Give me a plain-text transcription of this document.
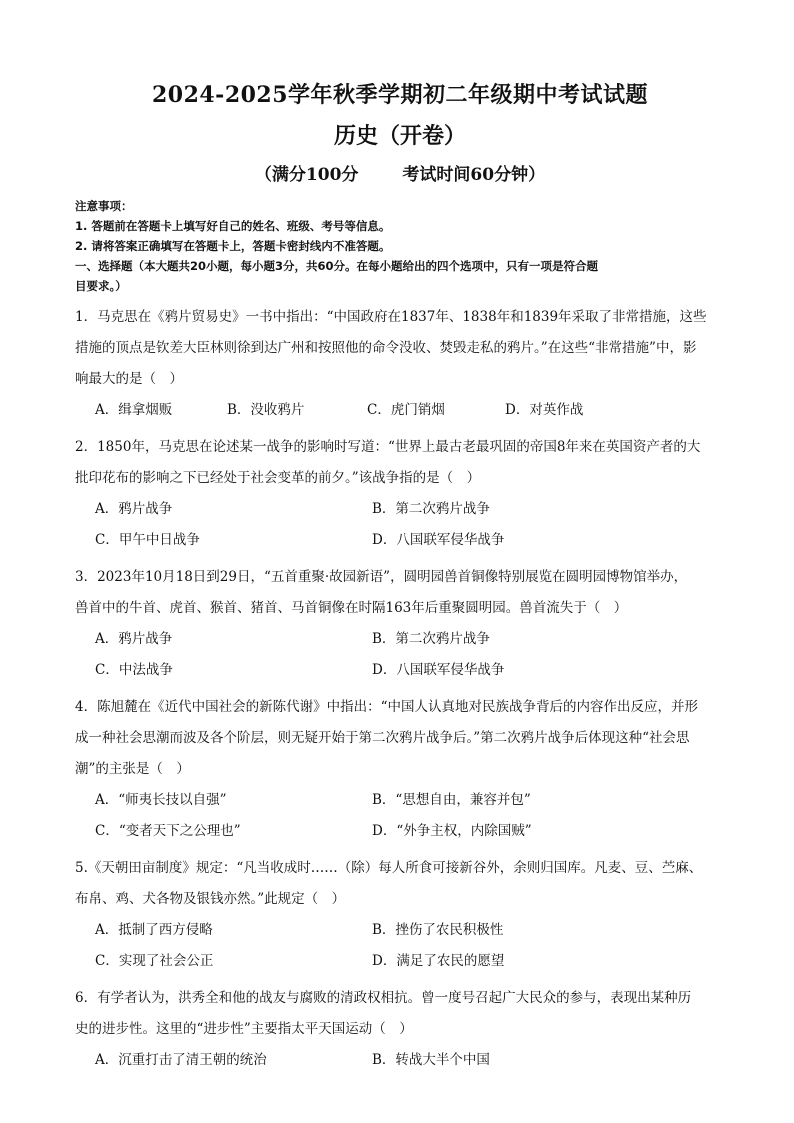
2024-2025学年秋季学期初二年级期中考试试题
历史（开卷）
（满分100分	考试时间60分钟）
注意事项：
1. 答题前在答题卡上填写好自己的姓名、班级、考号等信息。
2. 请将答案正确填写在答题卡上，答题卡密封线内不准答题。
一、选择题（本大题共20小题，每小题3分，共60分。在每小题给出的四个选项中，只有一项是符合题
目要求。）
1．马克思在《鸦片贸易史》一书中指出：“中国政府在1837年、1838年和1839年采取了非常措施，这些
措施的顶点是钦差大臣林则徐到达广州和按照他的命令没收、焚毁走私的鸦片。”在这些“非常措施”中，影
响最大的是（　）
A．缉拿烟贩	B．没收鸦片	C．虎门销烟	D．对英作战
2．1850年，马克思在论述某一战争的影响时写道：“世界上最古老最巩固的帝国8年来在英国资产者的大
批印花布的影响之下已经处于社会变革的前夕。”该战争指的是（　）
A．鸦片战争	B．第二次鸦片战争
C．甲午中日战争	D．八国联军侵华战争
3．2023年10月18日到29日，“五首重聚·故园新语”，圆明园兽首铜像特别展览在圆明园博物馆举办，
兽首中的牛首、虎首、猴首、猪首、马首铜像在时隔163年后重聚圆明园。兽首流失于（　）
A．鸦片战争	B．第二次鸦片战争
C．中法战争	D．八国联军侵华战争
4．陈旭麓在《近代中国社会的新陈代谢》中指出：“中国人认真地对民族战争背后的内容作出反应，并形
成一种社会思潮而波及各个阶层，则无疑开始于第二次鸦片战争后。”第二次鸦片战争后体现这种“社会思
潮”的主张是（　）
A．“师夷长技以自强”	B．“思想自由，兼容并包”
C．“变者天下之公理也”	D．“外争主权，内除国贼”
5.《天朝田亩制度》规定：“凡当收成时……（除）每人所食可接新谷外，余则归国库。凡麦、豆、苎麻、
布帛、鸡、犬各物及银钱亦然。”此规定（　）
A．抵制了西方侵略	B．挫伤了农民积极性
C．实现了社会公正	D．满足了农民的愿望
6．有学者认为，洪秀全和他的战友与腐败的清政权相抗。曾一度号召起广大民众的参与，表现出某种历
史的进步性。这里的“进步性”主要指太平天国运动（　）
A．沉重打击了清王朝的统治	B．转战大半个中国
